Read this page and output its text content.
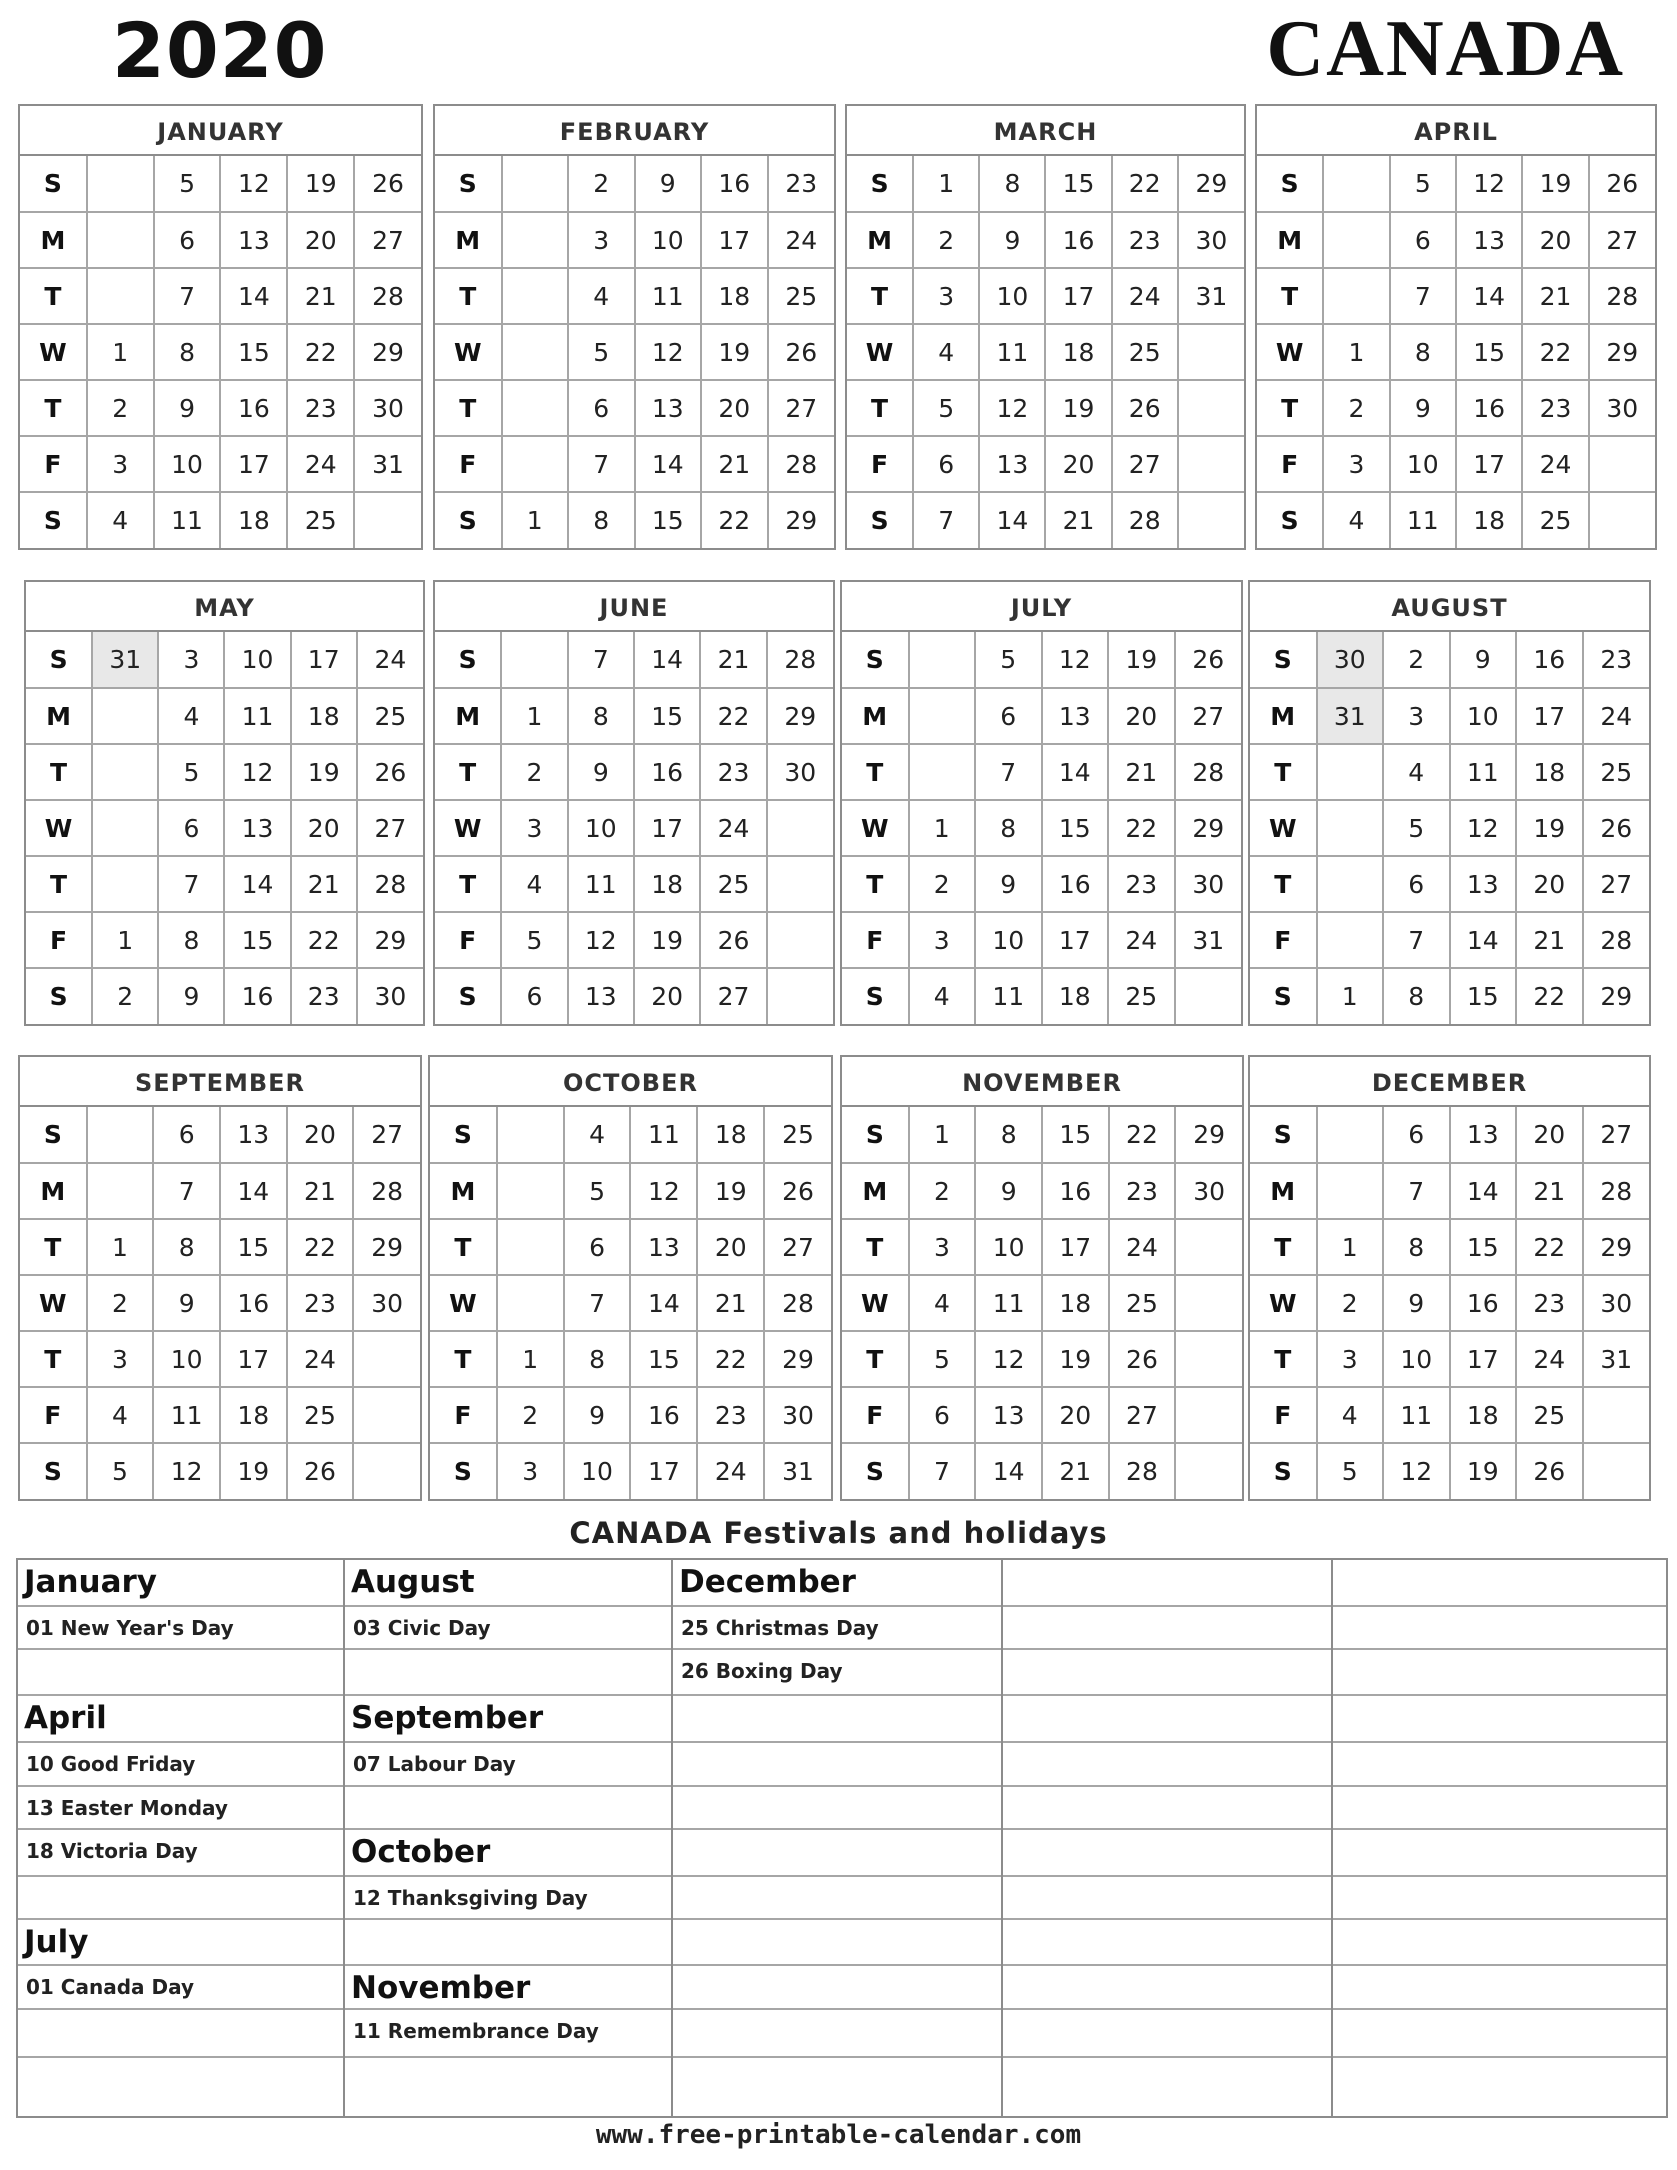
2020	CANADA
JANUARY
S		5	12	19	26
M		6	13	20	27
T		7	14	21	28
W	1	8	15	22	29
T	2	9	16	23	30
F	3	10	17	24	31
S	4	11	18	25	
FEBRUARY
S		2	9	16	23
M		3	10	17	24
T		4	11	18	25
W		5	12	19	26
T		6	13	20	27
F		7	14	21	28
S	1	8	15	22	29
MARCH
S	1	8	15	22	29
M	2	9	16	23	30
T	3	10	17	24	31
W	4	11	18	25	
T	5	12	19	26	
F	6	13	20	27	
S	7	14	21	28	
APRIL
S		5	12	19	26
M		6	13	20	27
T		7	14	21	28
W	1	8	15	22	29
T	2	9	16	23	30
F	3	10	17	24	
S	4	11	18	25	
MAY
S	31	3	10	17	24
M		4	11	18	25
T		5	12	19	26
W		6	13	20	27
T		7	14	21	28
F	1	8	15	22	29
S	2	9	16	23	30
JUNE
S		7	14	21	28
M	1	8	15	22	29
T	2	9	16	23	30
W	3	10	17	24	
T	4	11	18	25	
F	5	12	19	26	
S	6	13	20	27	
JULY
S		5	12	19	26
M		6	13	20	27
T		7	14	21	28
W	1	8	15	22	29
T	2	9	16	23	30
F	3	10	17	24	31
S	4	11	18	25	
AUGUST
S	30	2	9	16	23
M	31	3	10	17	24
T		4	11	18	25
W		5	12	19	26
T		6	13	20	27
F		7	14	21	28
S	1	8	15	22	29
SEPTEMBER
S		6	13	20	27
M		7	14	21	28
T	1	8	15	22	29
W	2	9	16	23	30
T	3	10	17	24	
F	4	11	18	25	
S	5	12	19	26	
OCTOBER
S		4	11	18	25
M		5	12	19	26
T		6	13	20	27
W		7	14	21	28
T	1	8	15	22	29
F	2	9	16	23	30
S	3	10	17	24	31
NOVEMBER
S	1	8	15	22	29
M	2	9	16	23	30
T	3	10	17	24	
W	4	11	18	25	
T	5	12	19	26	
F	6	13	20	27	
S	7	14	21	28	
DECEMBER
S		6	13	20	27
M		7	14	21	28
T	1	8	15	22	29
W	2	9	16	23	30
T	3	10	17	24	31
F	4	11	18	25	
S	5	12	19	26	
CANADA Festivals and holidays
January
01 New Year's Day
April
10 Good Friday
13 Easter Monday
18 Victoria Day
July
01 Canada Day
August
03 Civic Day
September
07 Labour Day
October
12 Thanksgiving Day
November
11 Remembrance Day
December
25 Christmas Day
26 Boxing Day
www.free-printable-calendar.com
